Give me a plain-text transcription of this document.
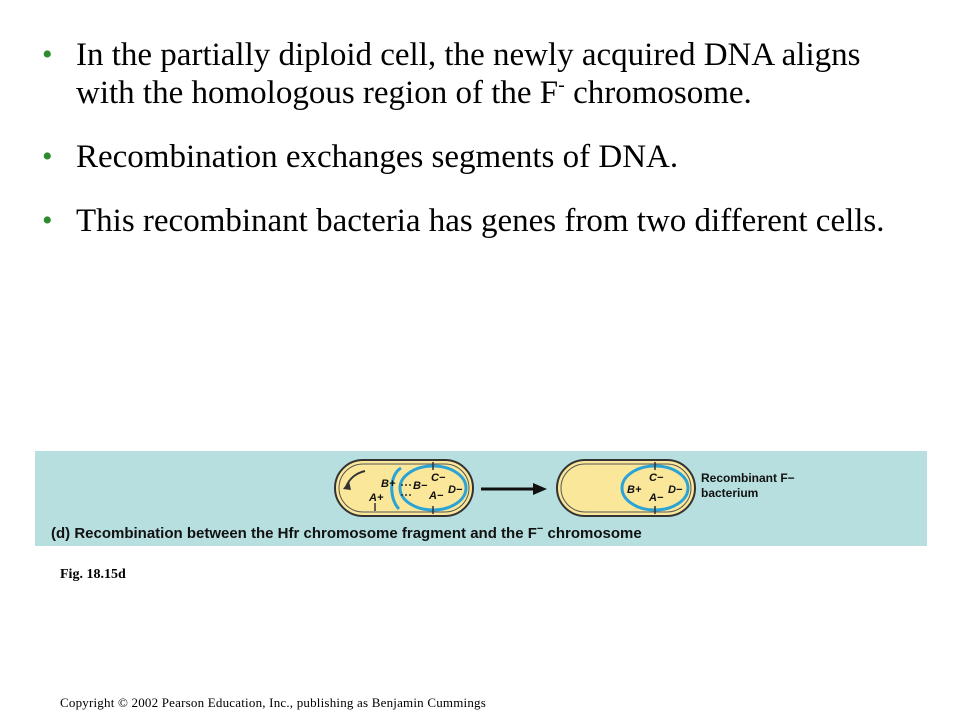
• In the partially diploid cell, the newly acquired DNA aligns with the homologous region of the F- chromosome.
• Recombination exchanges segments of DNA.
• This recombinant bacteria has genes from two different cells.
B+
A+
B−
C−
A− D−	B+
C−
A−
D−
Recombinant F−
bacterium
(d) Recombination between the Hfr chromosome fragment and the F− chromosome
Fig. 18.15d
Copyright © 2002 Pearson Education, Inc., publishing as Benjamin Cummings
